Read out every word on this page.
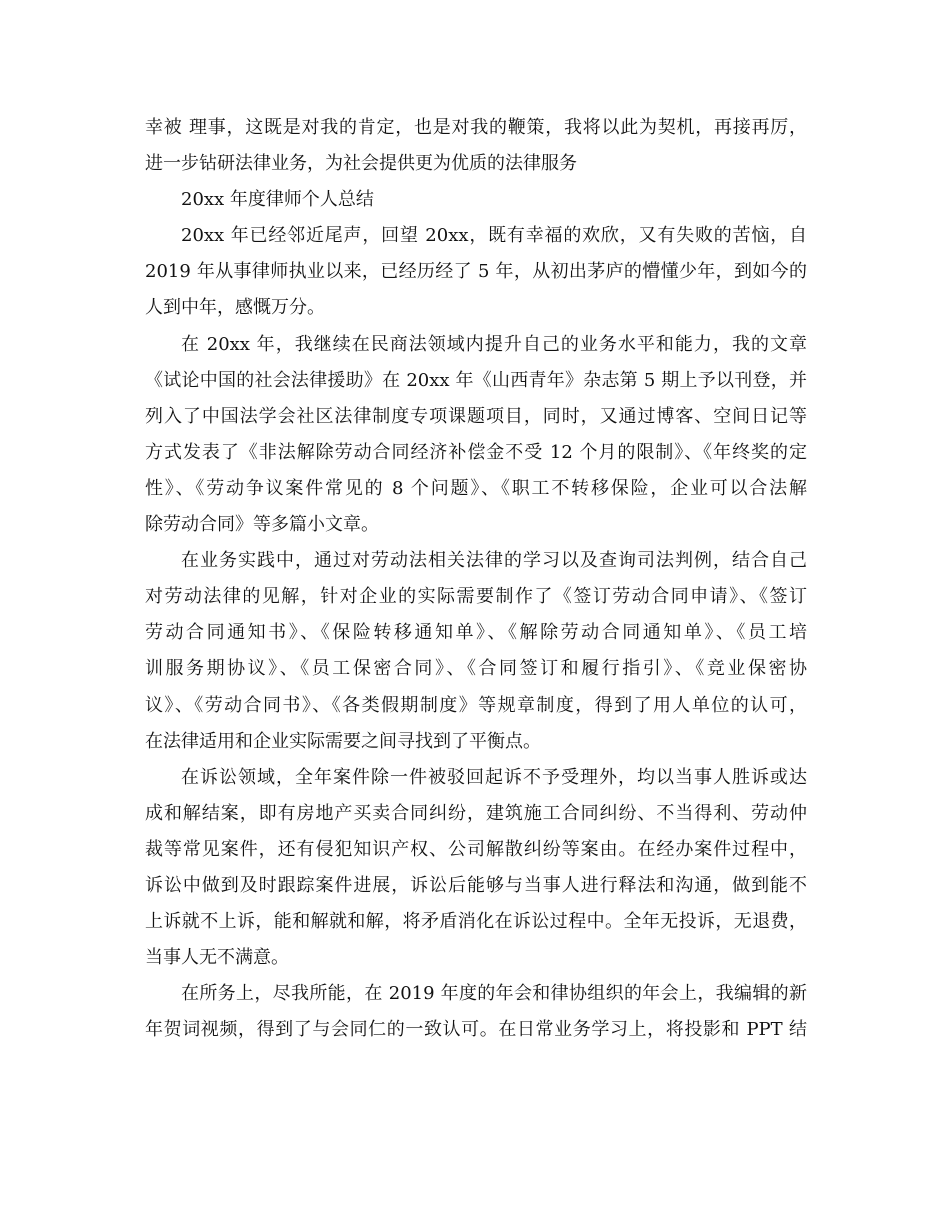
幸被 理事，这既是对我的肯定，也是对我的鞭策，我将以此为契机，再接再厉，
进一步钻研法律业务，为社会提供更为优质的法律服务
20xx 年度律师个人总结
20xx 年已经邻近尾声，回望 20xx，既有幸福的欢欣，又有失败的苦恼，自
2019 年从事律师执业以来，已经历经了 5 年，从初出茅庐的懵懂少年，到如今的
人到中年，感慨万分。
在 20xx 年，我继续在民商法领域内提升自己的业务水平和能力，我的文章
《试论中国的社会法律援助》在 20xx 年《山西青年》杂志第 5 期上予以刊登，并
列入了中国法学会社区法律制度专项课题项目，同时，又通过博客、空间日记等
方式发表了《非法解除劳动合同经济补偿金不受 12 个月的限制》、《年终奖的定
性》、《劳动争议案件常见的 8 个问题》、《职工不转移保险，企业可以合法解
除劳动合同》等多篇小文章。
在业务实践中，通过对劳动法相关法律的学习以及查询司法判例，结合自己
对劳动法律的见解，针对企业的实际需要制作了《签订劳动合同申请》、《签订
劳动合同通知书》、《保险转移通知单》、《解除劳动合同通知单》、《员工培
训服务期协议》、《员工保密合同》、《合同签订和履行指引》、《竞业保密协
议》、《劳动合同书》、《各类假期制度》等规章制度，得到了用人单位的认可，
在法律适用和企业实际需要之间寻找到了平衡点。
在诉讼领域，全年案件除一件被驳回起诉不予受理外，均以当事人胜诉或达
成和解结案，即有房地产买卖合同纠纷，建筑施工合同纠纷、不当得利、劳动仲
裁等常见案件，还有侵犯知识产权、公司解散纠纷等案由。在经办案件过程中，
诉讼中做到及时跟踪案件进展，诉讼后能够与当事人进行释法和沟通，做到能不
上诉就不上诉，能和解就和解，将矛盾消化在诉讼过程中。全年无投诉，无退费，
当事人无不满意。
在所务上，尽我所能，在 2019 年度的年会和律协组织的年会上，我编辑的新
年贺词视频，得到了与会同仁的一致认可。在日常业务学习上，将投影和 PPT 结
